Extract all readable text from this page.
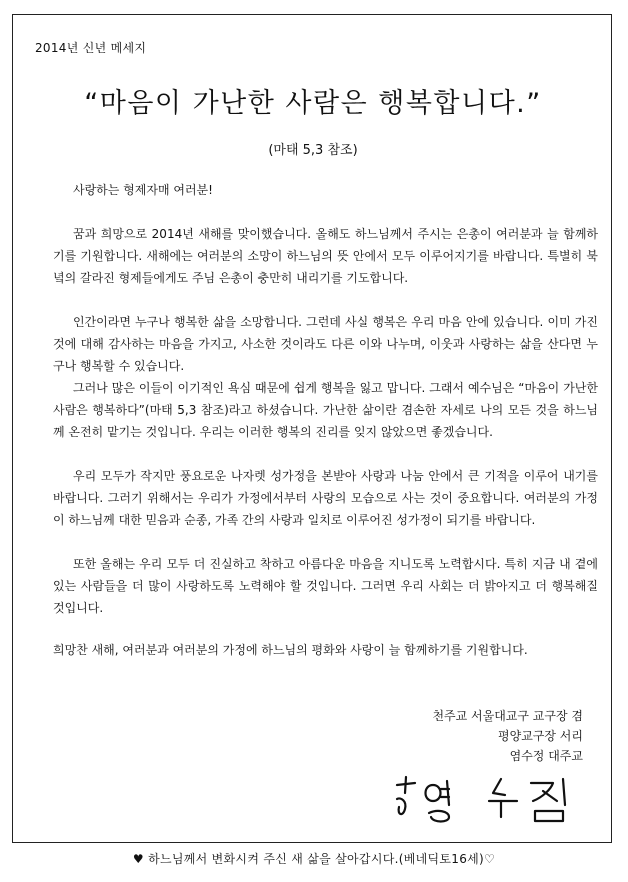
2014년 신년 메세지
“마음이 가난한 사람은 행복합니다.”
(마태 5,3 참조)

사랑하는 형제자매 여러분!

꿈과 희망으로 2014년 새해를 맞이했습니다. 올해도 하느님께서 주시는 은총이 여러분과 늘 함께하기를 기원합니다. 새해에는 여러분의 소망이 하느님의 뜻 안에서 모두 이루어지기를 바랍니다. 특별히 북녘의 갈라진 형제들에게도 주님 은총이 충만히 내리기를 기도합니다.

인간이라면 누구나 행복한 삶을 소망합니다. 그런데 사실 행복은 우리 마음 안에 있습니다. 이미 가진 것에 대해 감사하는 마음을 가지고, 사소한 것이라도 다른 이와 나누며, 이웃과 사랑하는 삶을 산다면 누구나 행복할 수 있습니다.

그러나 많은 이들이 이기적인 욕심 때문에 쉽게 행복을 잃고 맙니다. 그래서 예수님은 “마음이 가난한 사람은 행복하다”(마태 5,3 참조)라고 하셨습니다. 가난한 삶이란 겸손한 자세로 나의 모든 것을 하느님께 온전히 맡기는 것입니다. 우리는 이러한 행복의 진리를 잊지 않았으면 좋겠습니다.

우리 모두가 작지만 풍요로운 나자렛 성가정을 본받아 사랑과 나눔 안에서 큰 기적을 이루어 내기를 바랍니다. 그러기 위해서는 우리가 가정에서부터 사랑의 모습으로 사는 것이 중요합니다. 여러분의 가정이 하느님께 대한 믿음과 순종, 가족 간의 사랑과 일치로 이루어진 성가정이 되기를 바랍니다.

또한 올해는 우리 모두 더 진실하고 착하고 아름다운 마음을 지니도록 노력합시다. 특히 지금 내 곁에 있는 사람들을 더 많이 사랑하도록 노력해야 할 것입니다. 그러면 우리 사회는 더 밝아지고 더 행복해질 것입니다.

희망찬 새해, 여러분과 여러분의 가정에 하느님의 평화와 사랑이 늘 함께하기를 기원합니다.

천주교 서울대교구 교구장 겸
평양교구장 서리
염수정 대주교
♥ 하느님께서 변화시켜 주신 새 삶을 살아갑시다.(베네딕토16세)♡
